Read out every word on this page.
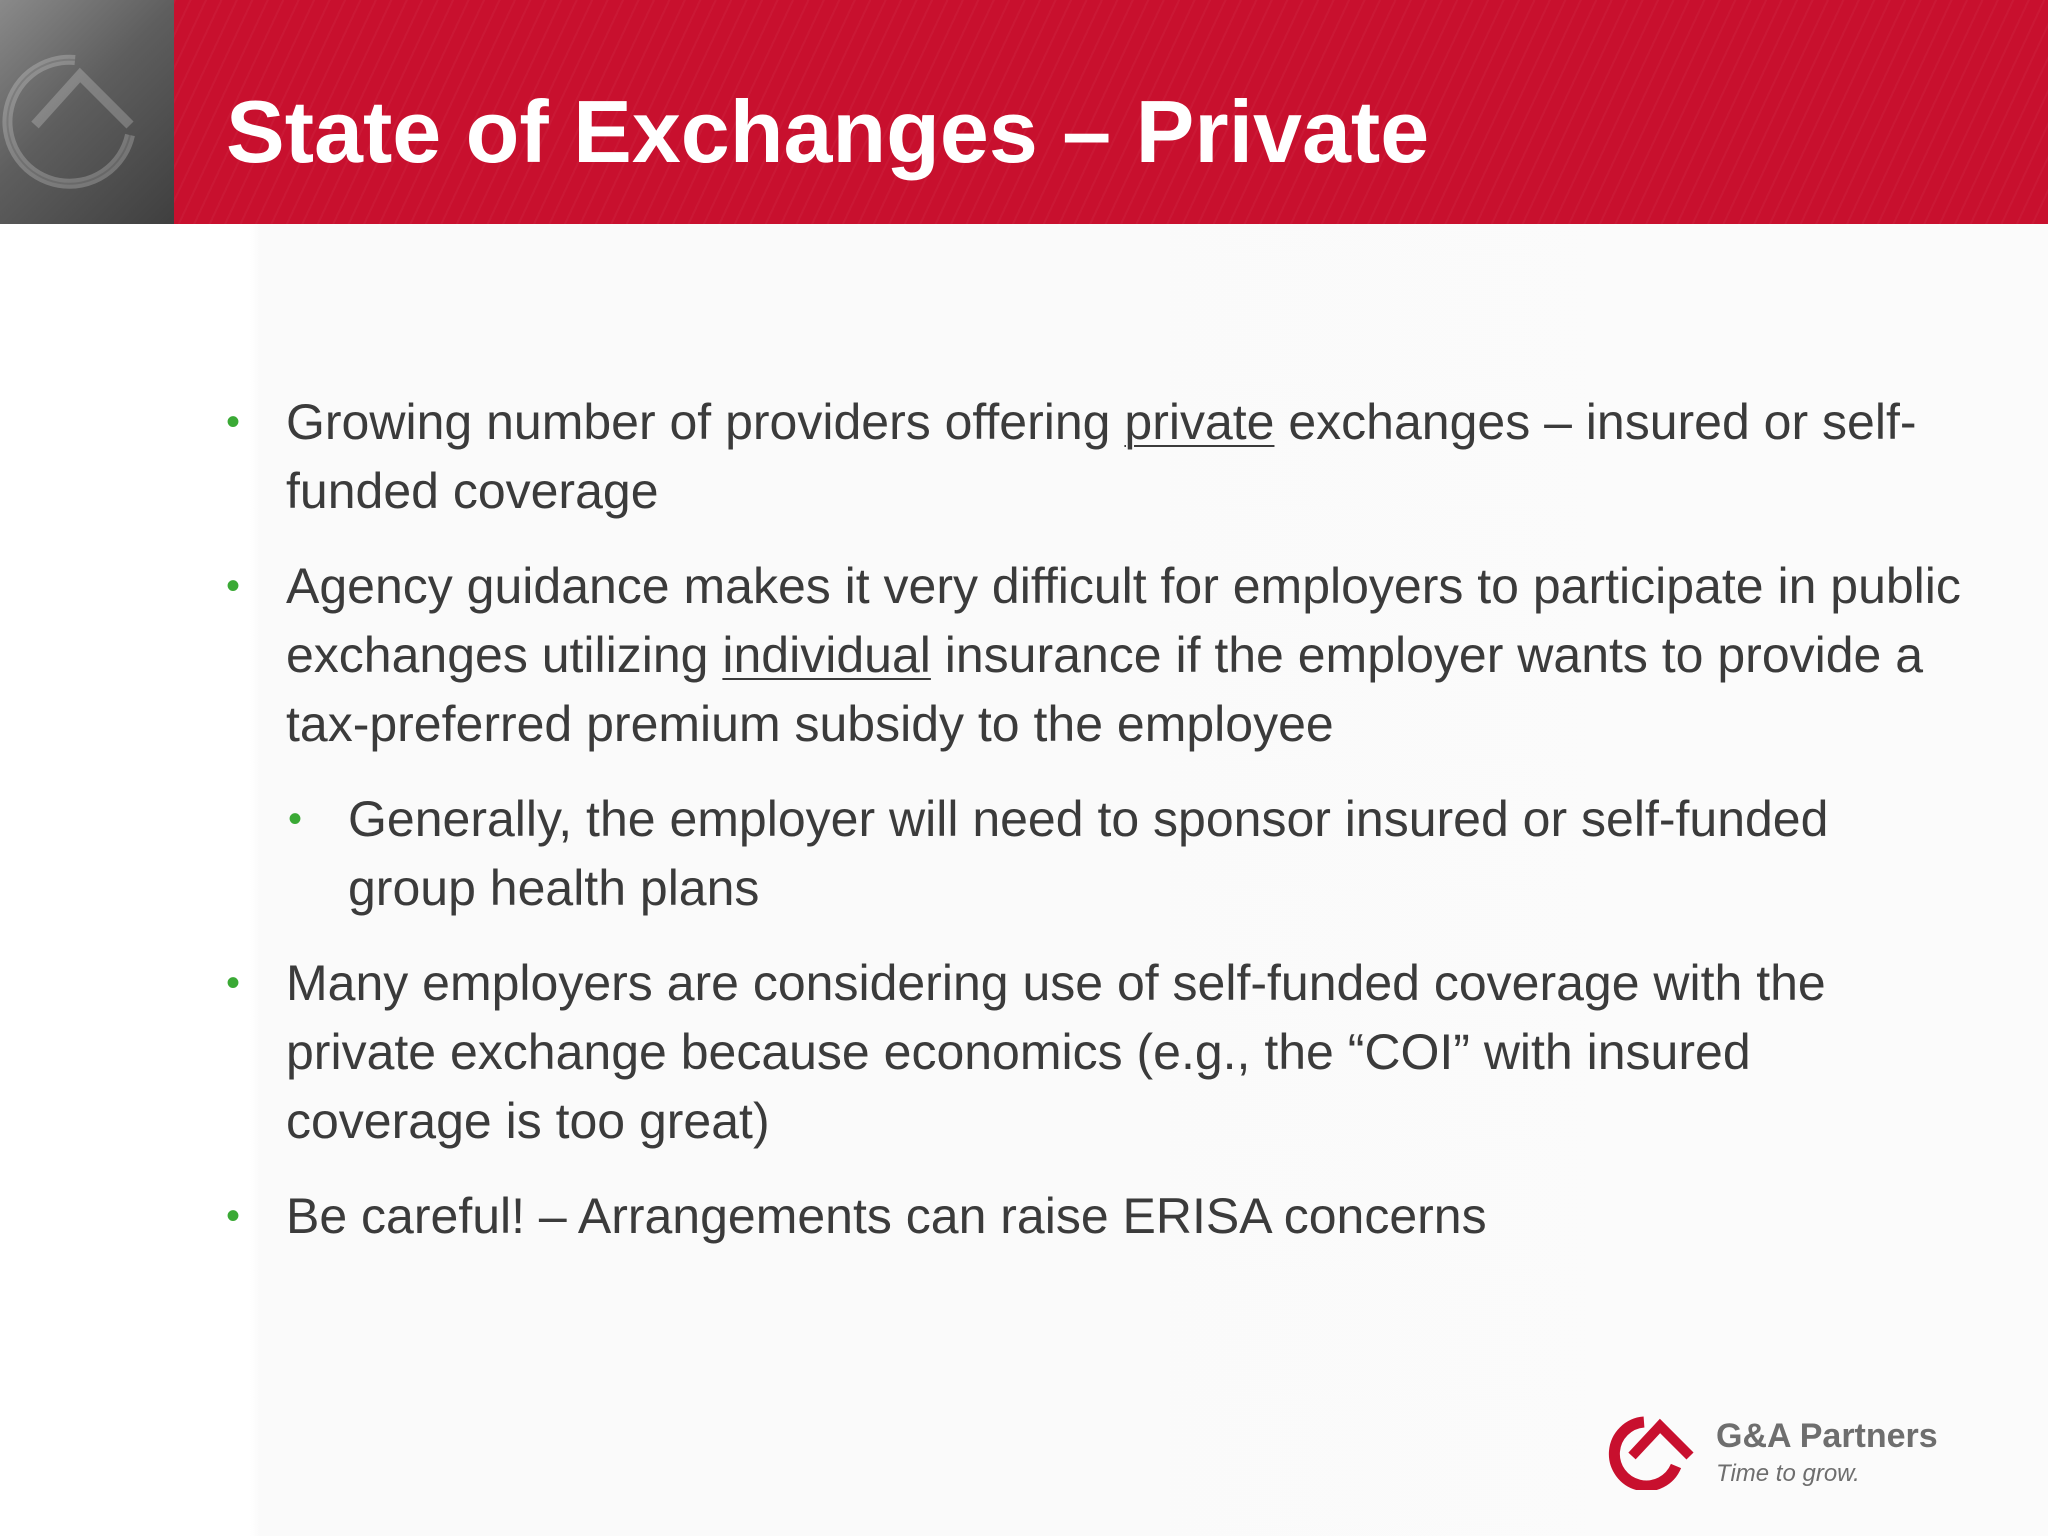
State of Exchanges – Private
• Growing number of providers offering private exchanges – insured or self-funded coverage
• Agency guidance makes it very difficult for employers to participate in public exchanges utilizing individual insurance if the employer wants to provide a tax-preferred premium subsidy to the employee
• Generally, the employer will need to sponsor insured or self-funded group health plans
• Many employers are considering use of self-funded coverage with the private exchange because economics (e.g., the “COI” with insured coverage is too great)
• Be careful! – Arrangements can raise ERISA concerns
G&A Partners
Time to grow.
